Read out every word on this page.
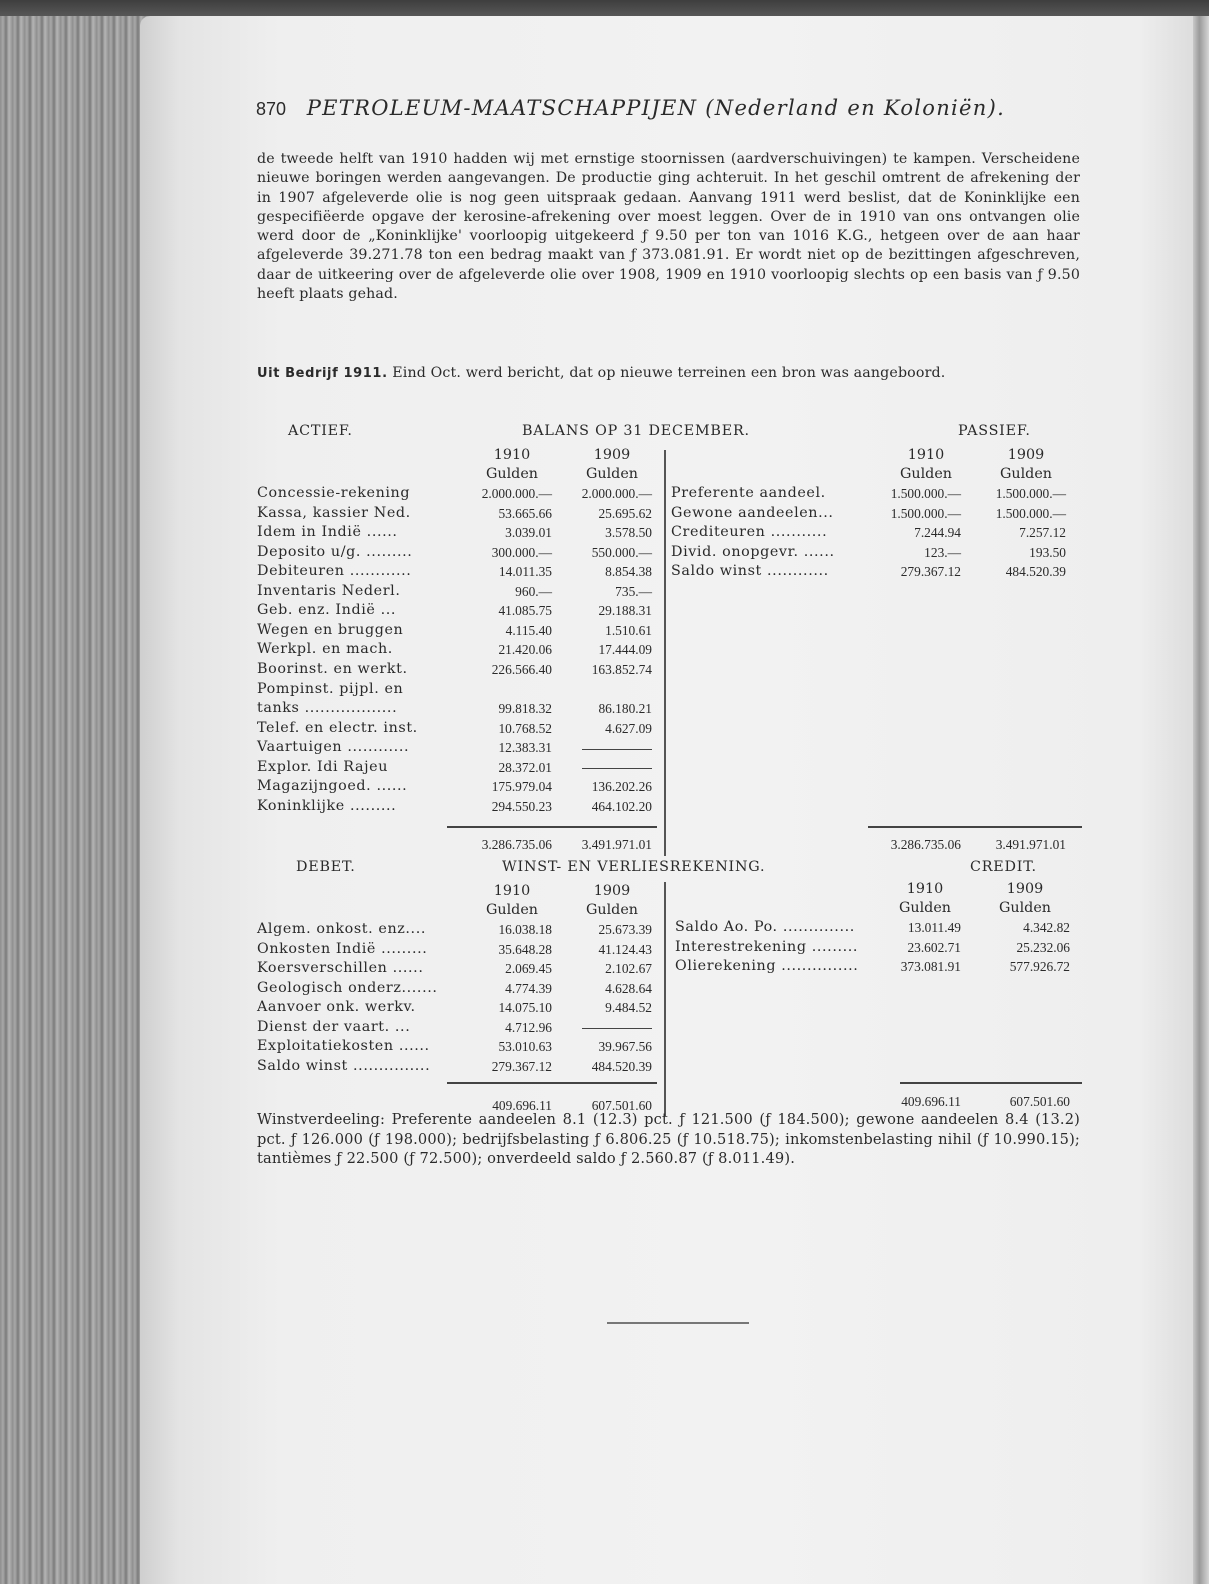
870 PETROLEUM-MAATSCHAPPIJEN (Nederland en Koloniën).
de tweede helft van 1910 hadden wij met ernstige stoornissen (aardverschuivingen) te kampen. Verscheidene nieuwe boringen werden aangevangen. De productie ging achteruit. In het geschil omtrent de afrekening der in 1907 afgeleverde olie is nog geen uitspraak gedaan. Aanvang 1911 werd beslist, dat de Koninklijke een gespecifiëerde opgave der kerosine-afrekening over moest leggen. Over de in 1910 van ons ontvangen olie werd door de „Koninklijke' voorloopig uitgekeerd ƒ 9.50 per ton van 1016 K.G., hetgeen over de aan haar afgeleverde 39.271.78 ton een bedrag maakt van ƒ 373.081.91. Er wordt niet op de bezittingen afgeschreven, daar de uitkeering over de afgeleverde olie over 1908, 1909 en 1910 voorloopig slechts op een basis van ƒ 9.50 heeft plaats gehad.
Uit Bedrijf 1911. Eind Oct. werd bericht, dat op nieuwe terreinen een bron was aangeboord.
ACTIEF.	BALANS OP 31 DECEMBER.	PASSIEF.
1910	1909
Gulden	Gulden
Concessie-rekening	2.000.000.—	2.000.000.—
Kassa, kassier Ned.	53.665.66	25.695.62
Idem in Indië ......	3.039.01	3.578.50
Deposito u/g. .........	300.000.—	550.000.—
Debiteuren ............	14.011.35	8.854.38
Inventaris Nederl.	960.—	735.—
Geb. enz. Indië ...	41.085.75	29.188.31
Wegen en bruggen	4.115.40	1.510.61
Werkpl. en mach.	21.420.06	17.444.09
Boorinst. en werkt.	226.566.40	163.852.74
Pompinst. pijpl. en
tanks ..................	99.818.32	86.180.21
Telef. en electr. inst.	10.768.52	4.627.09
Vaartuigen ............	12.383.31
Explor. Idi Rajeu	28.372.01
Magazijngoed. ......	175.979.04	136.202.26
Koninklijke .........	294.550.23	464.102.20
3.286.735.06	3.491.971.01
1910	1909
Gulden	Gulden
Preferente aandeel.	1.500.000.—	1.500.000.—
Gewone aandeelen...	1.500.000.—	1.500.000.—
Crediteuren ...........	7.244.94	7.257.12
Divid. onopgevr. ......	123.—	193.50
Saldo winst ............	279.367.12	484.520.39
3.286.735.06	3.491.971.01
DEBET.	WINST- EN VERLIESREKENING.	CREDIT.
1910	1909
Gulden	Gulden
Algem. onkost. enz....	16.038.18	25.673.39
Onkosten Indië .........	35.648.28	41.124.43
Koersverschillen ......	2.069.45	2.102.67
Geologisch onderz.......	4.774.39	4.628.64
Aanvoer onk. werkv.	14.075.10	9.484.52
Dienst der vaart. ...	4.712.96
Exploitatiekosten ......	53.010.63	39.967.56
Saldo winst ...............	279.367.12	484.520.39
409.696.11	607.501.60
1910	1909
Gulden	Gulden
Saldo Ao. Po. ..............	13.011.49	4.342.82
Interestrekening .........	23.602.71	25.232.06
Olierekening ...............	373.081.91	577.926.72
409.696.11	607.501.60
Winstverdeeling: Preferente aandeelen 8.1 (12.3) pct. ƒ 121.500 (ƒ 184.500); gewone aandeelen 8.4 (13.2) pct. ƒ 126.000 (ƒ 198.000); bedrijfsbelasting ƒ 6.806.25 (ƒ 10.518.75); inkomstenbelasting nihil (ƒ 10.990.15); tantièmes ƒ 22.500 (ƒ 72.500); onverdeeld saldo ƒ 2.560.87 (ƒ 8.011.49).
